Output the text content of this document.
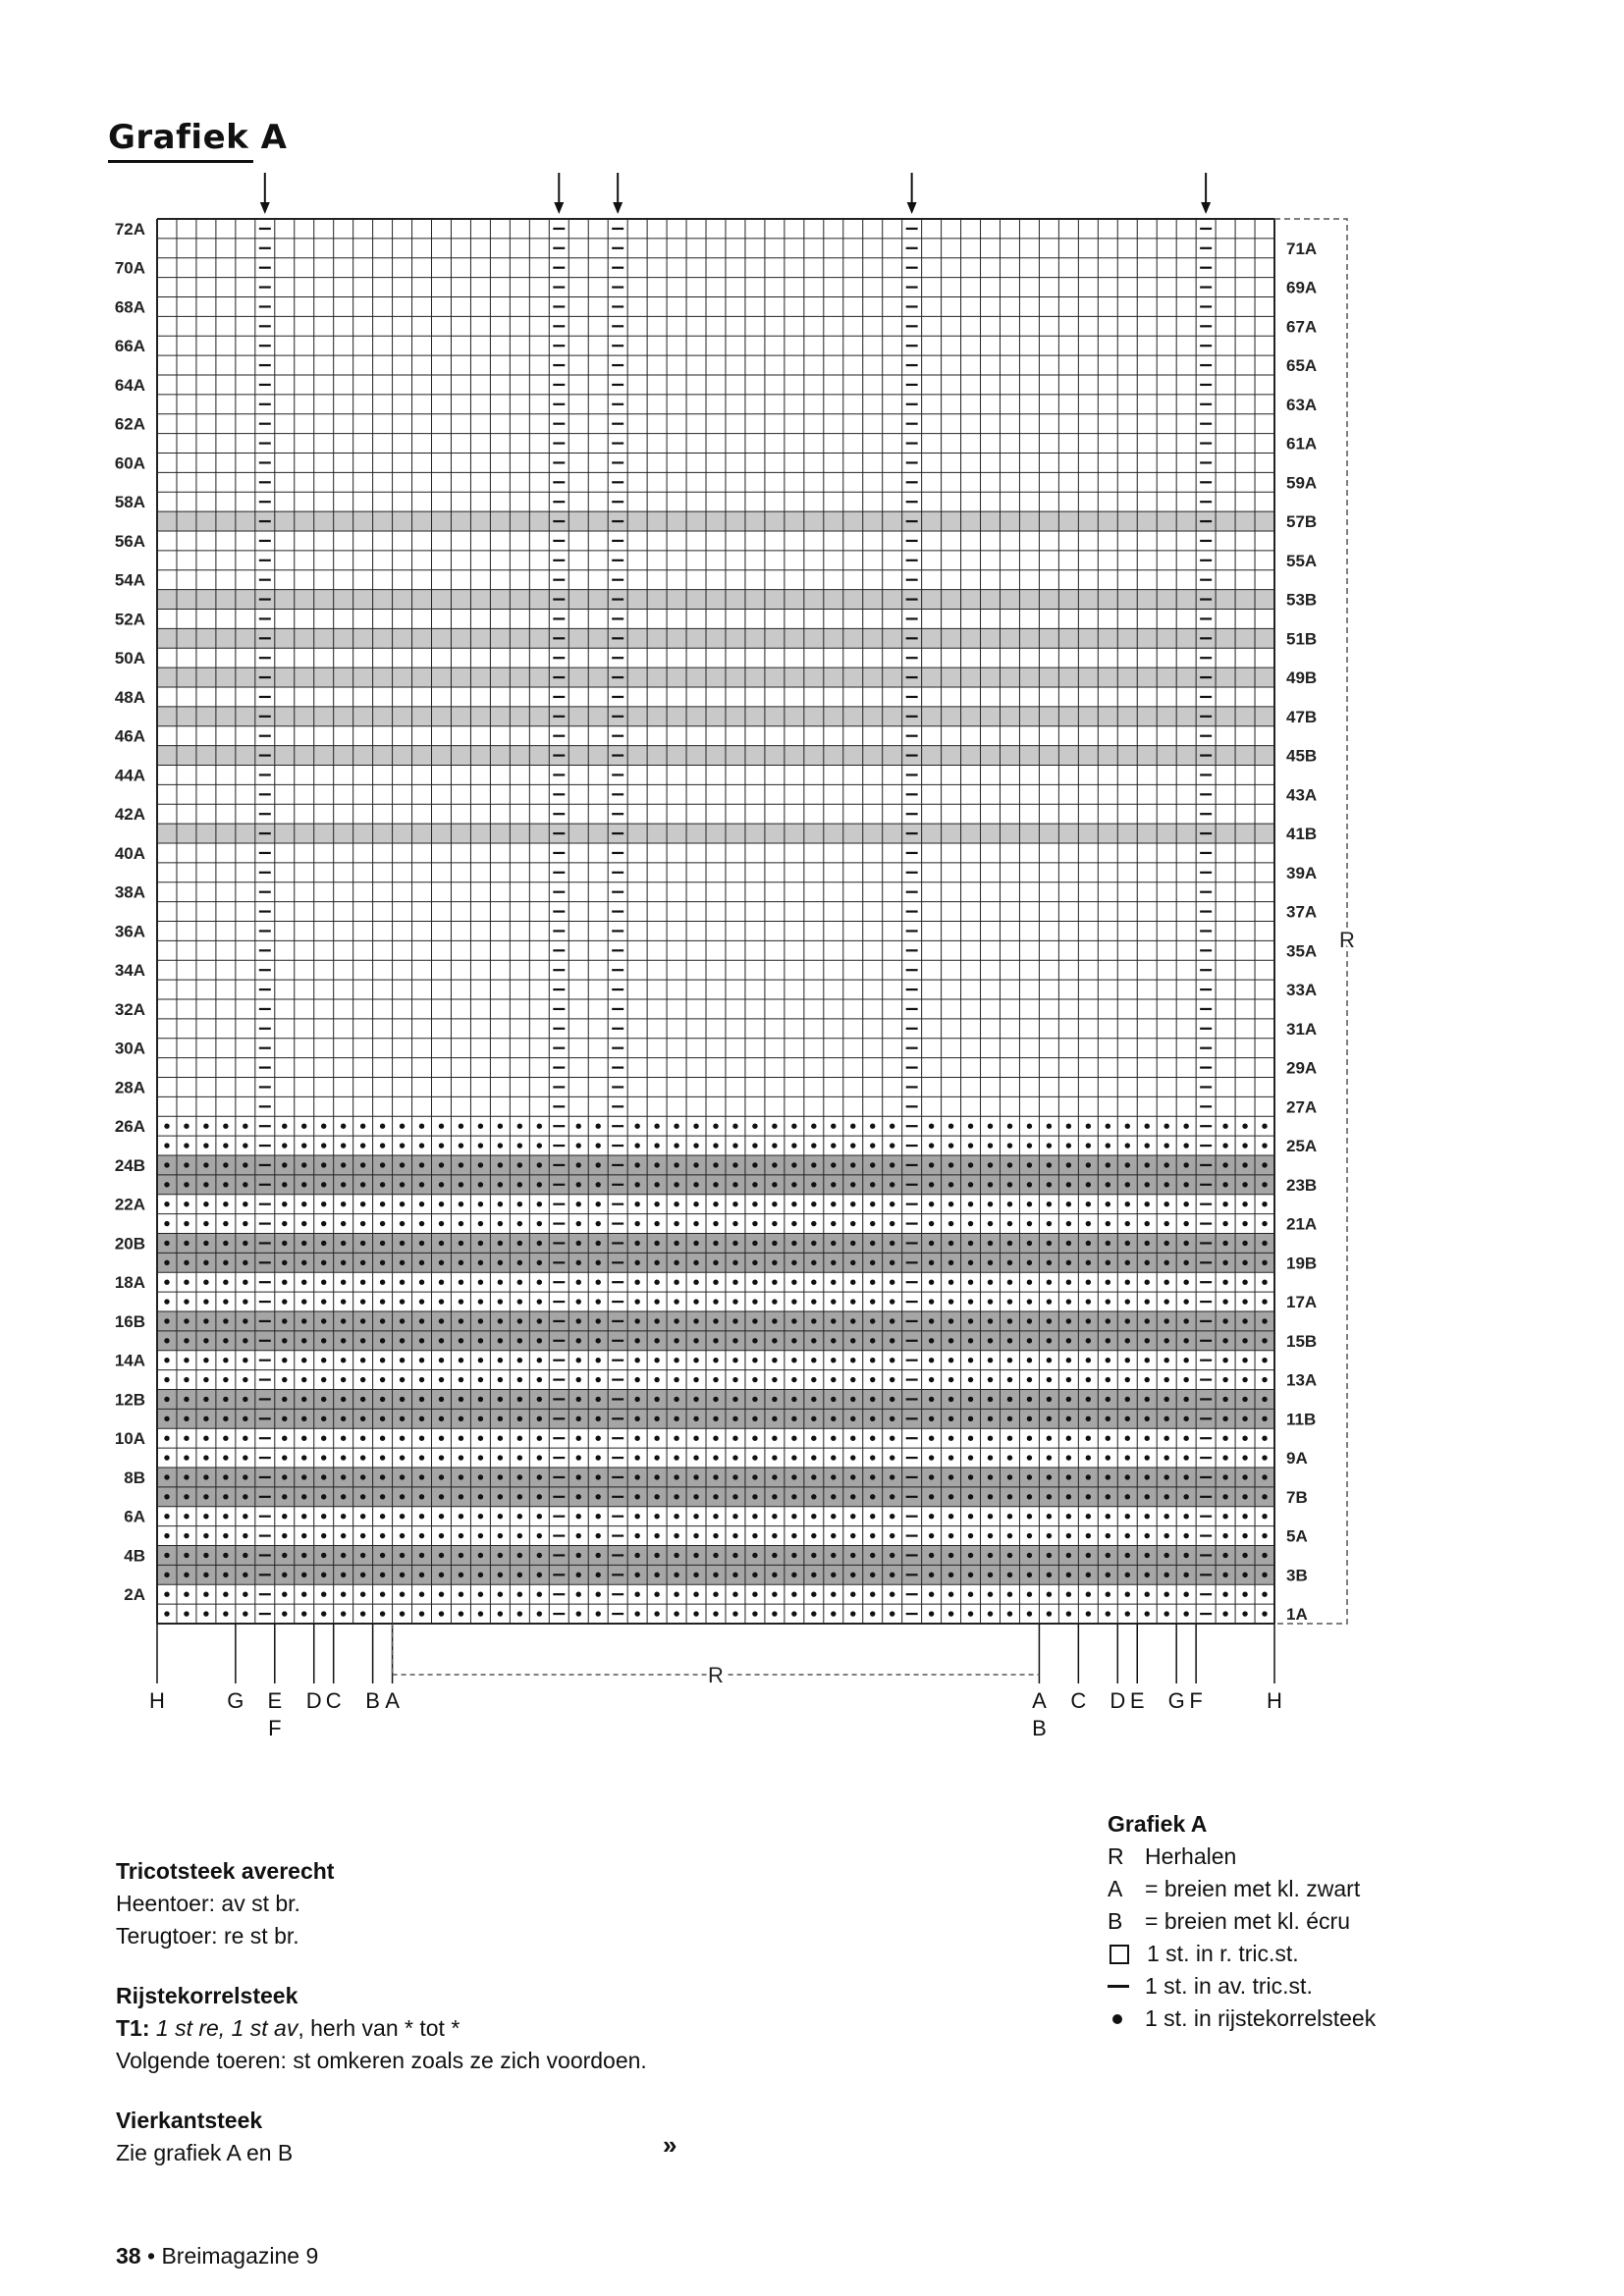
Grafiek A
2A
4B
6A
8B
10A
12B
14A
16B
18A
20B
22A
24B
26A
28A
30A
32A
34A
36A
38A
40A
42A
44A
46A
48A
50A
52A
54A
56A
58A
60A
62A
64A
66A
68A
70A
72A
1A
3B
5A
7B
9A
11B
13A
15B
17A
19B
21A
23B
25A
27A
29A
31A
33A
35A
37A
39A
41B
43A
45B
47B
49B
51B
53B
55A
57B
59A
61A
63A
65A
67A
69A
71A
R
H	G E
F
D C B A	A
B
C D E G F	H
R
Tricotsteek averecht
Heentoer: av st br.
Terugtoer: re st br.
Rijstekorrelsteek
T1: 1 st re, 1 st av, herh van * tot *
Volgende toeren: st omkeren zoals ze zich voordoen.
Vierkantsteek
Zie grafiek A en B
Grafiek A
R Herhalen
A = breien met kl. zwart
B = breien met kl. écru
1 st. in r. tric.st.
1 st. in av. tric.st.
1 st. in rijstekorrelsteek
»
38 • Breimagazine 9
